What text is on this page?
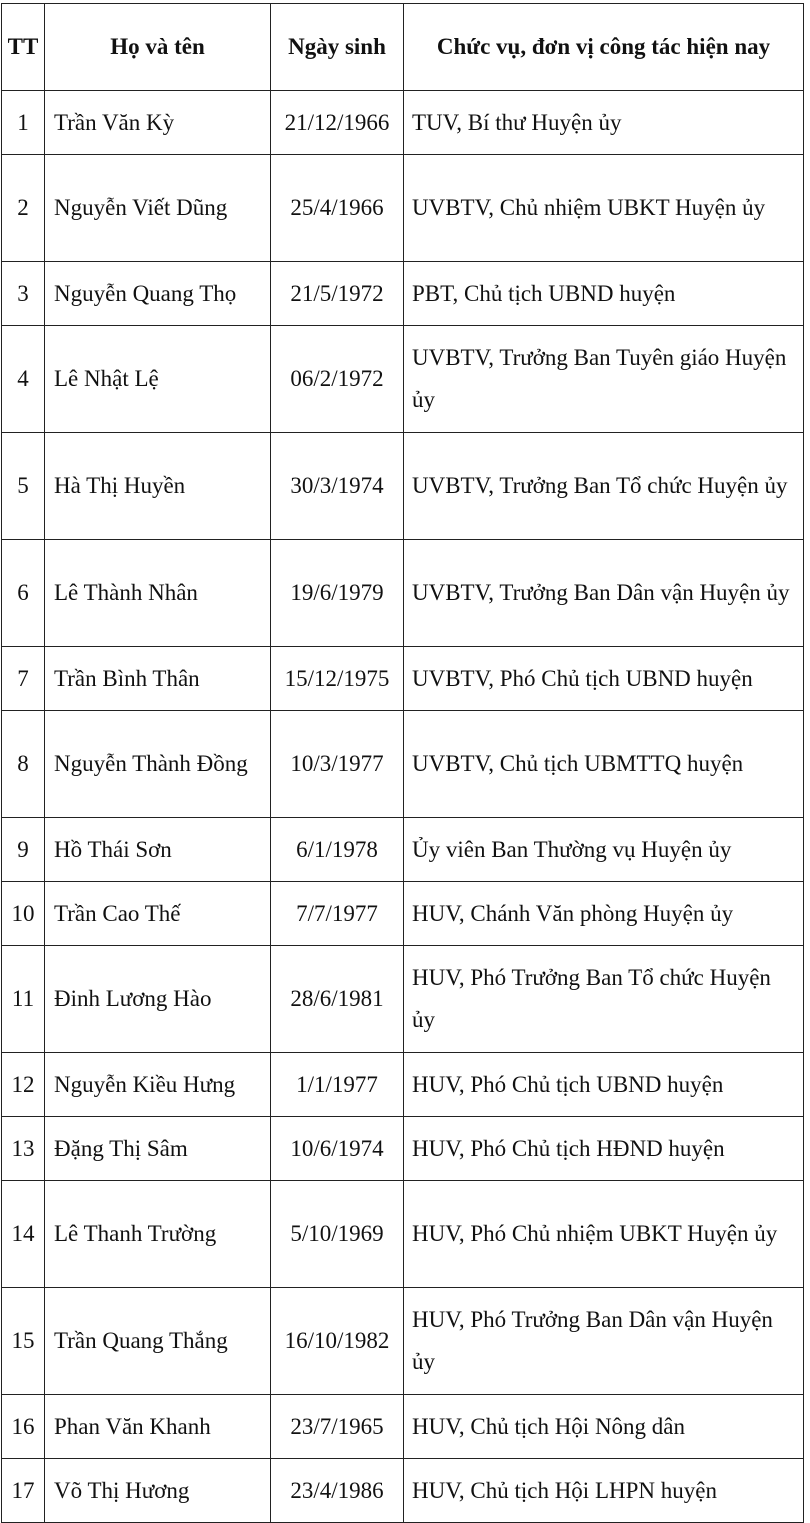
TT	Họ và tên	Ngày sinh	Chức vụ, đơn vị công tác hiện nay
1	Trần Văn Kỳ	21/12/1966	TUV, Bí thư Huyện ủy
2	Nguyễn Viết Dũng	25/4/1966	UVBTV, Chủ nhiệm UBKT Huyện ủy
3	Nguyễn Quang Thọ	21/5/1972	PBT, Chủ tịch UBND huyện
4	Lê Nhật Lệ	06/2/1972	UVBTV, Trưởng Ban Tuyên giáo Huyện ủy
5	Hà Thị Huyền	30/3/1974	UVBTV, Trưởng Ban Tổ chức Huyện ủy
6	Lê Thành Nhân	19/6/1979	UVBTV, Trưởng Ban Dân vận Huyện ủy
7	Trần Bình Thân	15/12/1975	UVBTV, Phó Chủ tịch UBND huyện
8	Nguyễn Thành Đồng	10/3/1977	UVBTV, Chủ tịch UBMTTQ huyện
9	Hồ Thái Sơn	6/1/1978	Ủy viên Ban Thường vụ Huyện ủy
10	Trần Cao Thế	7/7/1977	HUV, Chánh Văn phòng Huyện ủy
11	Đinh Lương Hào	28/6/1981	HUV, Phó Trưởng Ban Tổ chức Huyện ủy
12	Nguyễn Kiều Hưng	1/1/1977	HUV, Phó Chủ tịch UBND huyện
13	Đặng Thị Sâm	10/6/1974	HUV, Phó Chủ tịch HĐND huyện
14	Lê Thanh Trường	5/10/1969	HUV, Phó Chủ nhiệm UBKT Huyện ủy
15	Trần Quang Thắng	16/10/1982	HUV, Phó Trưởng Ban Dân vận Huyện ủy
16	Phan Văn Khanh	23/7/1965	HUV, Chủ tịch Hội Nông dân
17	Võ Thị Hương	23/4/1986	HUV, Chủ tịch Hội LHPN huyện
